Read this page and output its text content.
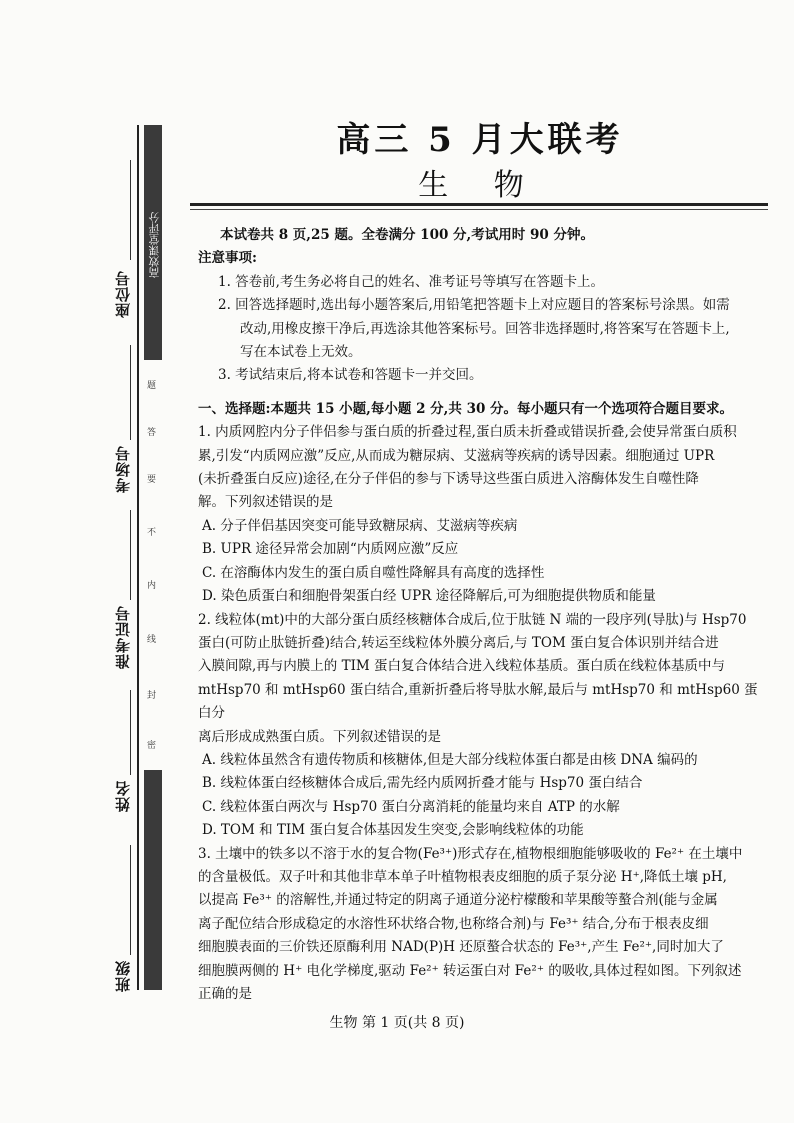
高效课堂评分
座位号
考场号
准考证号
姓名
班级
题
答
要
不
内
线
封
密

高三 5 月大联考

生 物

本试卷共 8 页,25 题。全卷满分 100 分,考试用时 90 分钟。

注意事项:

1. 答卷前,考生务必将自己的姓名、准考证号等填写在答题卡上。

2. 回答选择题时,选出每小题答案后,用铅笔把答题卡上对应题目的答案标号涂黑。如需

改动,用橡皮擦干净后,再选涂其他答案标号。回答非选择题时,将答案写在答题卡上,

写在本试卷上无效。

3. 考试结束后,将本试卷和答题卡一并交回。

一、选择题:本题共 15 小题,每小题 2 分,共 30 分。每小题只有一个选项符合题目要求。

1. 内质网腔内分子伴侣参与蛋白质的折叠过程,蛋白质未折叠或错误折叠,会使异常蛋白质积

累,引发“内质网应激”反应,从而成为糖尿病、艾滋病等疾病的诱导因素。细胞通过 UPR

(未折叠蛋白反应)途径,在分子伴侣的参与下诱导这些蛋白质进入溶酶体发生自噬性降

解。下列叙述错误的是

A. 分子伴侣基因突变可能导致糖尿病、艾滋病等疾病

B. UPR 途径异常会加剧“内质网应激”反应

C. 在溶酶体内发生的蛋白质自噬性降解具有高度的选择性

D. 染色质蛋白和细胞骨架蛋白经 UPR 途径降解后,可为细胞提供物质和能量

2. 线粒体(mt)中的大部分蛋白质经核糖体合成后,位于肽链 N 端的一段序列(导肽)与 Hsp70

蛋白(可防止肽链折叠)结合,转运至线粒体外膜分离后,与 TOM 蛋白复合体识别并结合进

入膜间隙,再与内膜上的 TIM 蛋白复合体结合进入线粒体基质。蛋白质在线粒体基质中与

mtHsp70 和 mtHsp60 蛋白结合,重新折叠后将导肽水解,最后与 mtHsp70 和 mtHsp60 蛋白分

离后形成成熟蛋白质。下列叙述错误的是

A. 线粒体虽然含有遗传物质和核糖体,但是大部分线粒体蛋白都是由核 DNA 编码的

B. 线粒体蛋白经核糖体合成后,需先经内质网折叠才能与 Hsp70 蛋白结合

C. 线粒体蛋白两次与 Hsp70 蛋白分离消耗的能量均来自 ATP 的水解

D. TOM 和 TIM 蛋白复合体基因发生突变,会影响线粒体的功能

3. 土壤中的铁多以不溶于水的复合物(Fe³⁺)形式存在,植物根细胞能够吸收的 Fe²⁺ 在土壤中

的含量极低。双子叶和其他非草本单子叶植物根表皮细胞的质子泵分泌 H⁺,降低土壤 pH,

以提高 Fe³⁺ 的溶解性,并通过特定的阴离子通道分泌柠檬酸和苹果酸等螯合剂(能与金属

离子配位结合形成稳定的水溶性环状络合物,也称络合剂)与 Fe³⁺ 结合,分布于根表皮细

细胞膜表面的三价铁还原酶利用 NAD(P)H 还原螯合状态的 Fe³⁺,产生 Fe²⁺,同时加大了

细胞膜两侧的 H⁺ 电化学梯度,驱动 Fe²⁺ 转运蛋白对 Fe²⁺ 的吸收,具体过程如图。下列叙述

正确的是

生物 第 1 页(共 8 页)
